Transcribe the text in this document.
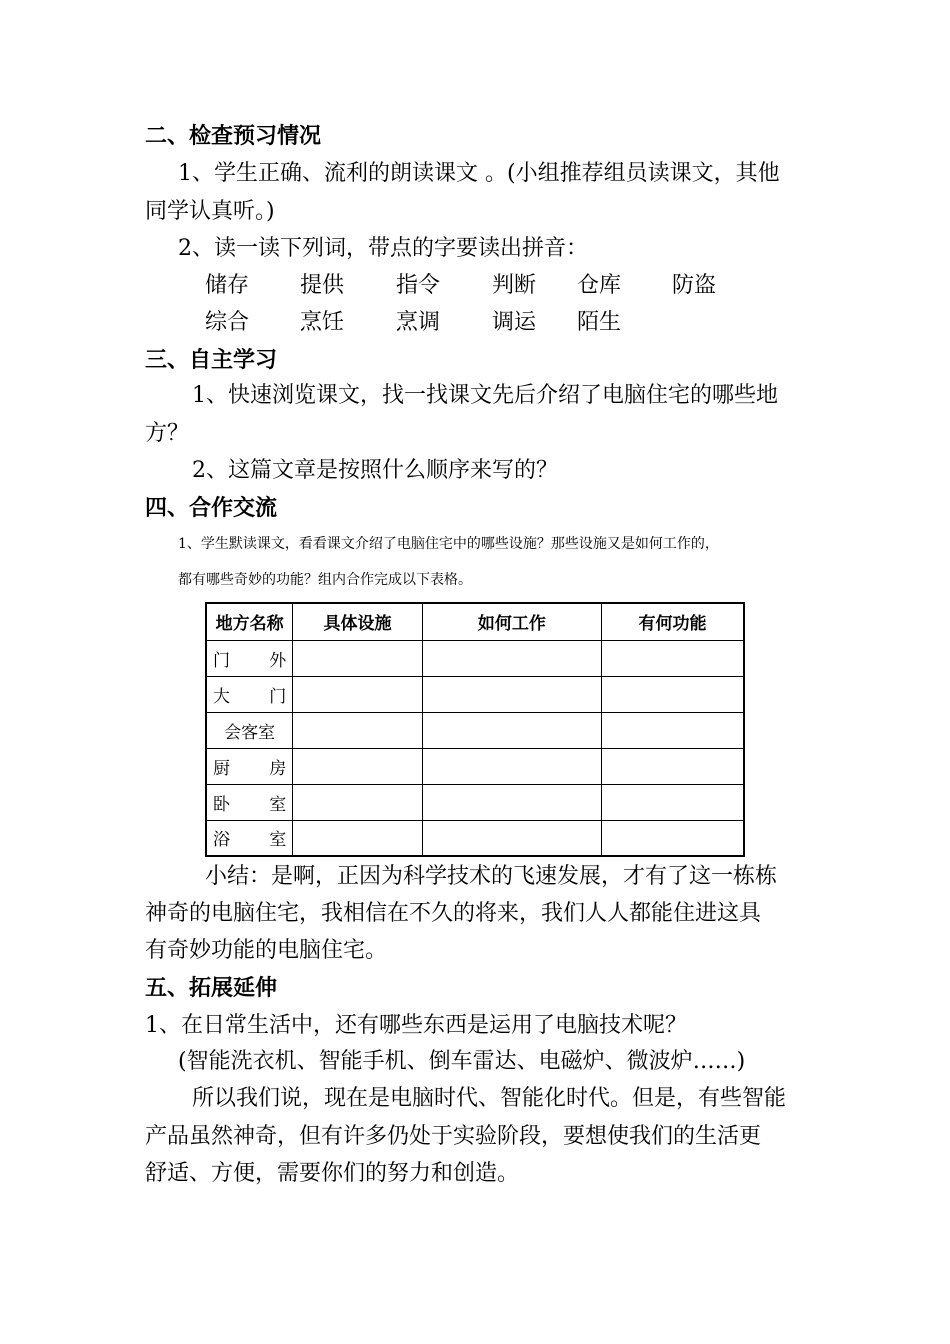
二、检查预习情况
1、学生正确、流利的朗读课文 。(小组推荐组员读课文，其他
同学认真听。)
2、读一读下列词，带点的字要读出拼音：
储存 提供 指令 判断 仓库 防盗
综合 烹饪 烹调 调运 陌生
三、自主学习
1、快速浏览课文，找一找课文先后介绍了电脑住宅的哪些地
方？
2、这篇文章是按照什么顺序来写的？
四、合作交流
1、学生默读课文，看看课文介绍了电脑住宅中的哪些设施？那些设施又是如何工作的，
都有哪些奇妙的功能？组内合作完成以下表格。
地方名称	具体设施	如何工作	有何功能
门　外			
大　门			
会客室			
厨　房			
卧　室			
浴　室			
小结：是啊，正因为科学技术的飞速发展，才有了这一栋栋
神奇的电脑住宅，我相信在不久的将来，我们人人都能住进这具
有奇妙功能的电脑住宅。
五、拓展延伸
1、在日常生活中，还有哪些东西是运用了电脑技术呢？
(智能洗衣机、智能手机、倒车雷达、电磁炉、微波炉……)
所以我们说，现在是电脑时代、智能化时代。但是，有些智能
产品虽然神奇，但有许多仍处于实验阶段，要想使我们的生活更
舒适、方便，需要你们的努力和创造。
